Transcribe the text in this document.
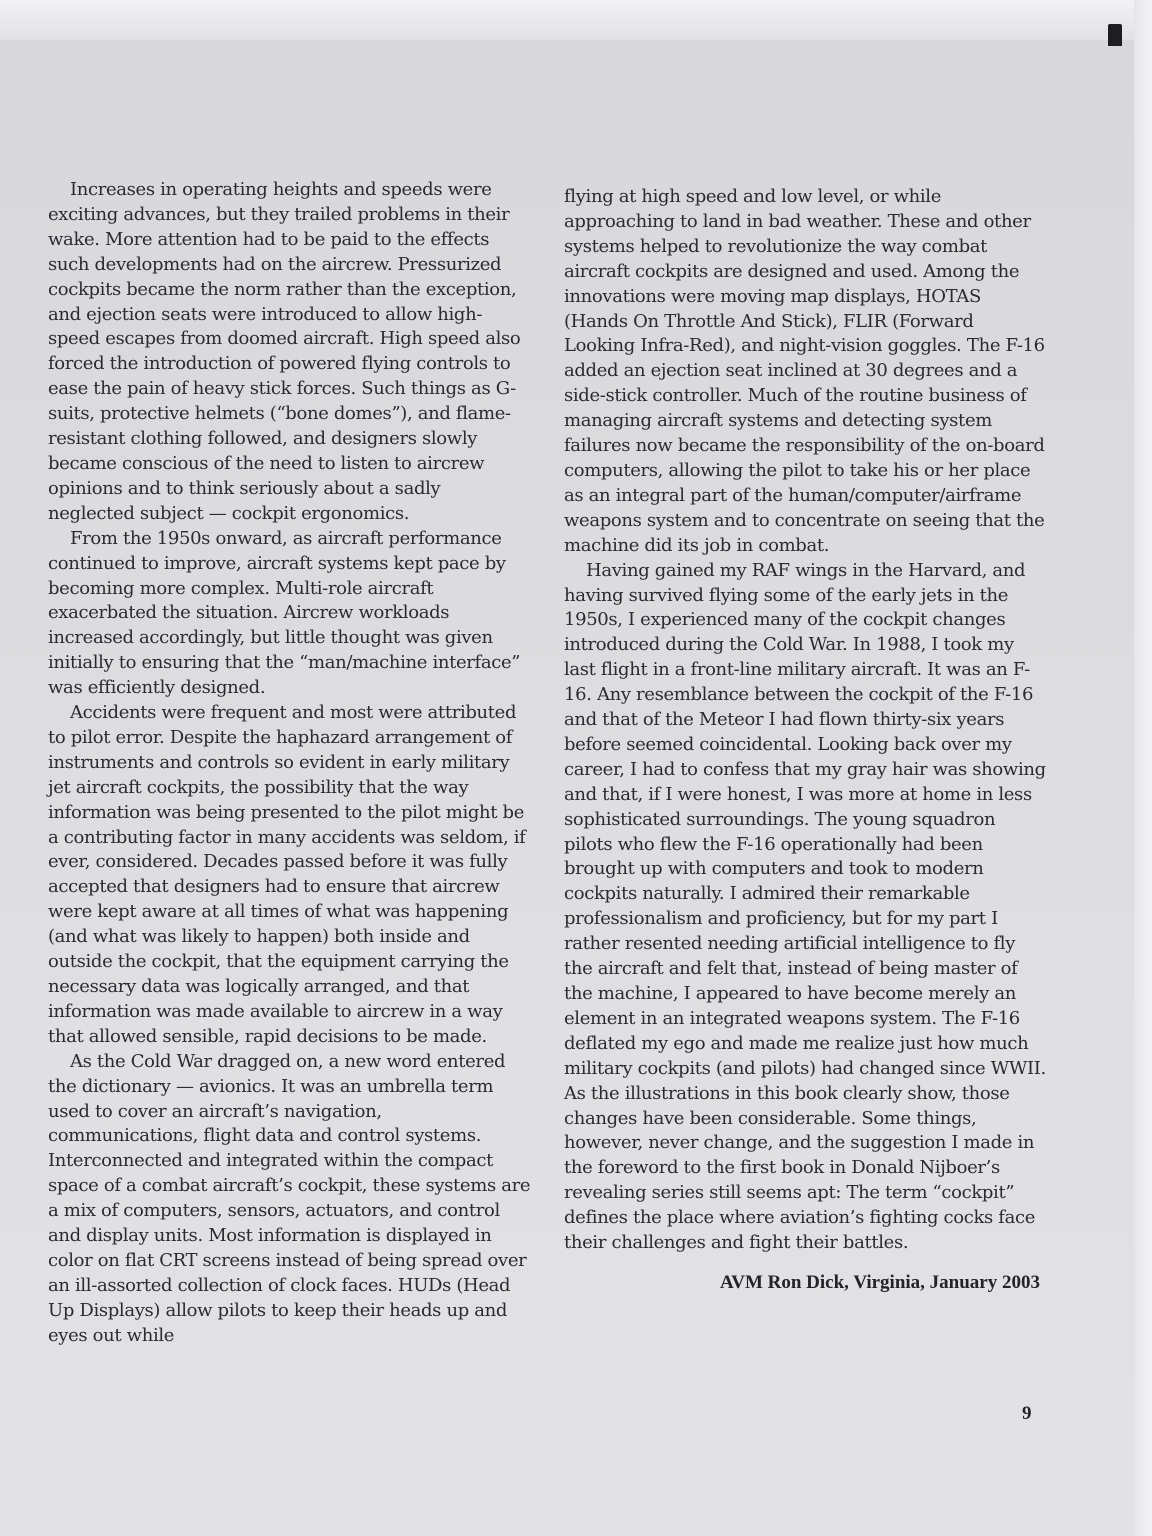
Increases in operating heights and speeds were exciting advances, but they trailed problems in their wake. More attention had to be paid to the effects such developments had on the aircrew. Pressurized cockpits became the norm rather than the exception, and ejection seats were introduced to allow high-speed escapes from doomed aircraft. High speed also forced the introduction of powered flying controls to ease the pain of heavy stick forces. Such things as G-suits, protective helmets (“bone domes”), and flame-resistant clothing followed, and designers slowly became conscious of the need to listen to aircrew opinions and to think seriously about a sadly neglected subject — cockpit ergonomics.

From the 1950s onward, as aircraft performance continued to improve, aircraft systems kept pace by becoming more complex. Multi-role aircraft exacerbated the situation. Aircrew workloads increased accordingly, but little thought was given initially to ensuring that the “man/machine interface” was efficiently designed.

Accidents were frequent and most were attributed to pilot error. Despite the haphazard arrangement of instruments and controls so evident in early military jet aircraft cockpits, the possibility that the way information was being presented to the pilot might be a contributing factor in many accidents was seldom, if ever, considered. Decades passed before it was fully accepted that designers had to ensure that aircrew were kept aware at all times of what was happening (and what was likely to happen) both inside and outside the cockpit, that the equipment carrying the necessary data was logically arranged, and that information was made available to aircrew in a way that allowed sensible, rapid decisions to be made.

As the Cold War dragged on, a new word entered the dictionary — avionics. It was an umbrella term used to cover an aircraft’s navigation, communications, flight data and control systems. Interconnected and integrated within the compact space of a combat aircraft’s cockpit, these systems are a mix of computers, sensors, actuators, and control and display units. Most information is displayed in color on flat CRT screens instead of being spread over an ill-assorted collection of clock faces. HUDs (Head Up Displays) allow pilots to keep their heads up and eyes out while

flying at high speed and low level, or while approaching to land in bad weather. These and other systems helped to revolutionize the way combat aircraft cockpits are designed and used. Among the innovations were moving map displays, HOTAS (Hands On Throttle And Stick), FLIR (Forward Looking Infra-Red), and night-vision goggles. The F-16 added an ejection seat inclined at 30 degrees and a side-stick controller. Much of the routine business of managing aircraft systems and detecting system failures now became the responsibility of the on-board computers, allowing the pilot to take his or her place as an integral part of the human/computer/airframe weapons system and to concentrate on seeing that the machine did its job in combat.

Having gained my RAF wings in the Harvard, and having survived flying some of the early jets in the 1950s, I experienced many of the cockpit changes introduced during the Cold War. In 1988, I took my last flight in a front-line military aircraft. It was an F-16. Any resemblance between the cockpit of the F-16 and that of the Meteor I had flown thirty-six years before seemed coincidental. Looking back over my career, I had to confess that my gray hair was showing and that, if I were honest, I was more at home in less sophisticated surroundings. The young squadron pilots who flew the F-16 operationally had been brought up with computers and took to modern cockpits naturally. I admired their remarkable professionalism and proficiency, but for my part I rather resented needing artificial intelligence to fly the aircraft and felt that, instead of being master of the machine, I appeared to have become merely an element in an integrated weapons system. The F-16 deflated my ego and made me realize just how much military cockpits (and pilots) had changed since WWII. As the illustrations in this book clearly show, those changes have been considerable. Some things, however, never change, and the suggestion I made in the foreword to the first book in Donald Nijboer’s revealing series still seems apt: The term “cockpit” defines the place where aviation’s fighting cocks face their challenges and fight their battles.

AVM Ron Dick, Virginia, January 2003
9
